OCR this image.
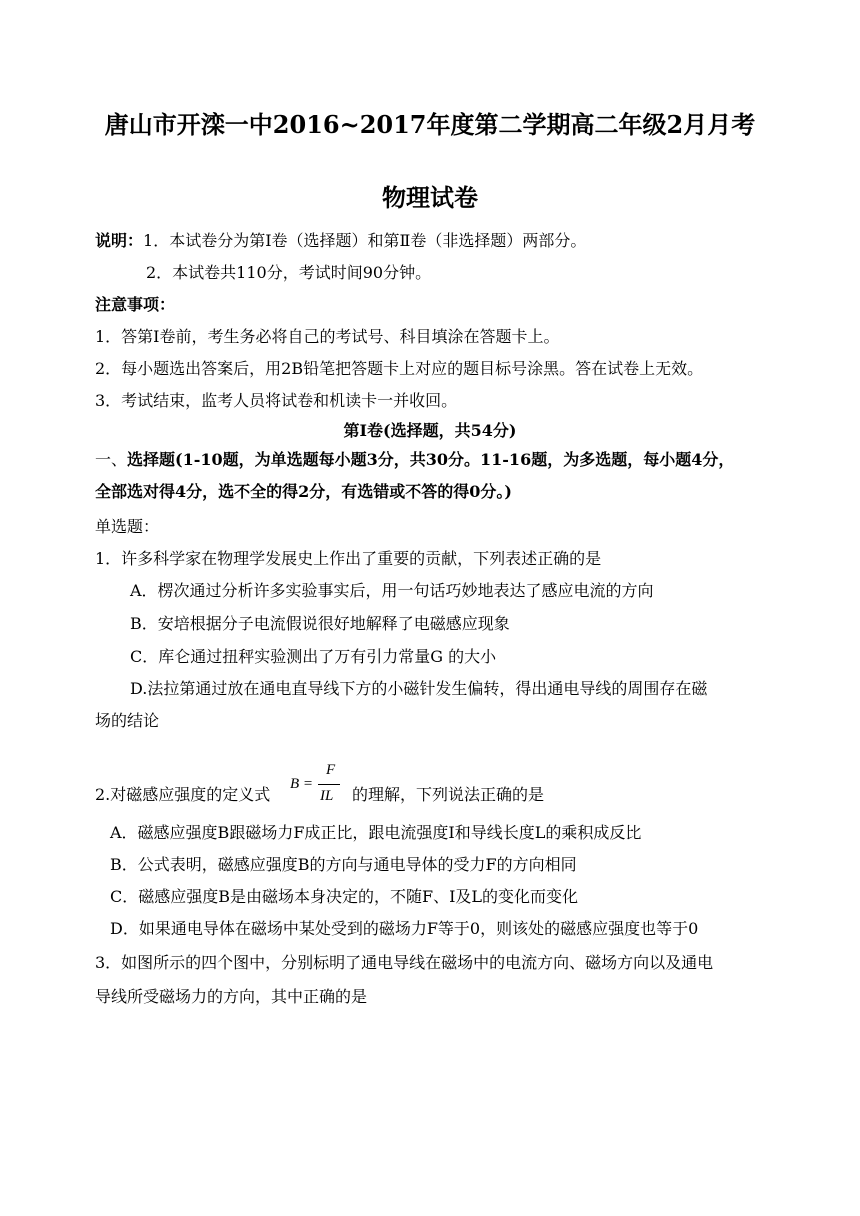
唐山市开滦一中2016~2017年度第二学期高二年级2月月考
物理试卷
说明：1．本试卷分为第Ⅰ卷（选择题）和第Ⅱ卷（非选择题）两部分。
2．本试卷共110分，考试时间90分钟。
注意事项：
1．答第Ⅰ卷前，考生务必将自己的考试号、科目填涂在答题卡上。
2．每小题选出答案后，用2B铅笔把答题卡上对应的题目标号涂黑。答在试卷上无效。
3．考试结束，监考人员将试卷和机读卡一并收回。
第Ⅰ卷(选择题，共54分)
一、选择题(1-10题，为单选题每小题3分，共30分。11-16题，为多选题，每小题4分，
全部选对得4分，选不全的得2分，有选错或不答的得0分。)
单选题：
1．许多科学家在物理学发展史上作出了重要的贡献，下列表述正确的是
A．楞次通过分析许多实验事实后，用一句话巧妙地表达了感应电流的方向
B．安培根据分子电流假说很好地解释了电磁感应现象
C．库仑通过扭秤实验测出了万有引力常量G 的大小
D.法拉第通过放在通电直导线下方的小磁针发生偏转，得出通电导线的周围存在磁
场的结论
2.对磁感应强度的定义式
B =
F
IL 的理解，下列说法正确的是
A．磁感应强度B跟磁场力F成正比，跟电流强度I和导线长度L的乘积成反比
B．公式表明，磁感应强度B的方向与通电导体的受力F的方向相同
C．磁感应强度B是由磁场本身决定的，不随F、I及L的变化而变化
D．如果通电导体在磁场中某处受到的磁场力F等于0，则该处的磁感应强度也等于0
3．如图所示的四个图中，分别标明了通电导线在磁场中的电流方向、磁场方向以及通电
导线所受磁场力的方向，其中正确的是
